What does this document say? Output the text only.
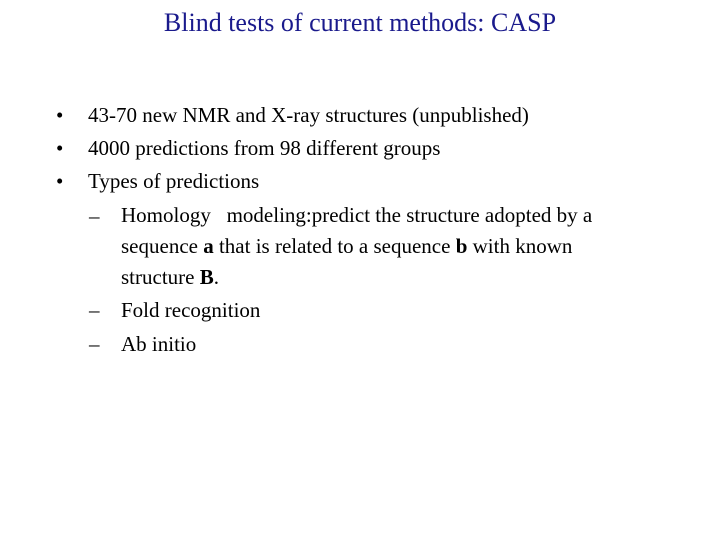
Blind tests of current methods: CASP
• 43-70 new NMR and X-ray structures (unpublished)
• 4000 predictions from 98 different groups
• Types of predictions
– Homology   modeling:predict the structure adopted by a
sequence a that is related to a sequence b with known
structure B.
– Fold recognition
– Ab initio
